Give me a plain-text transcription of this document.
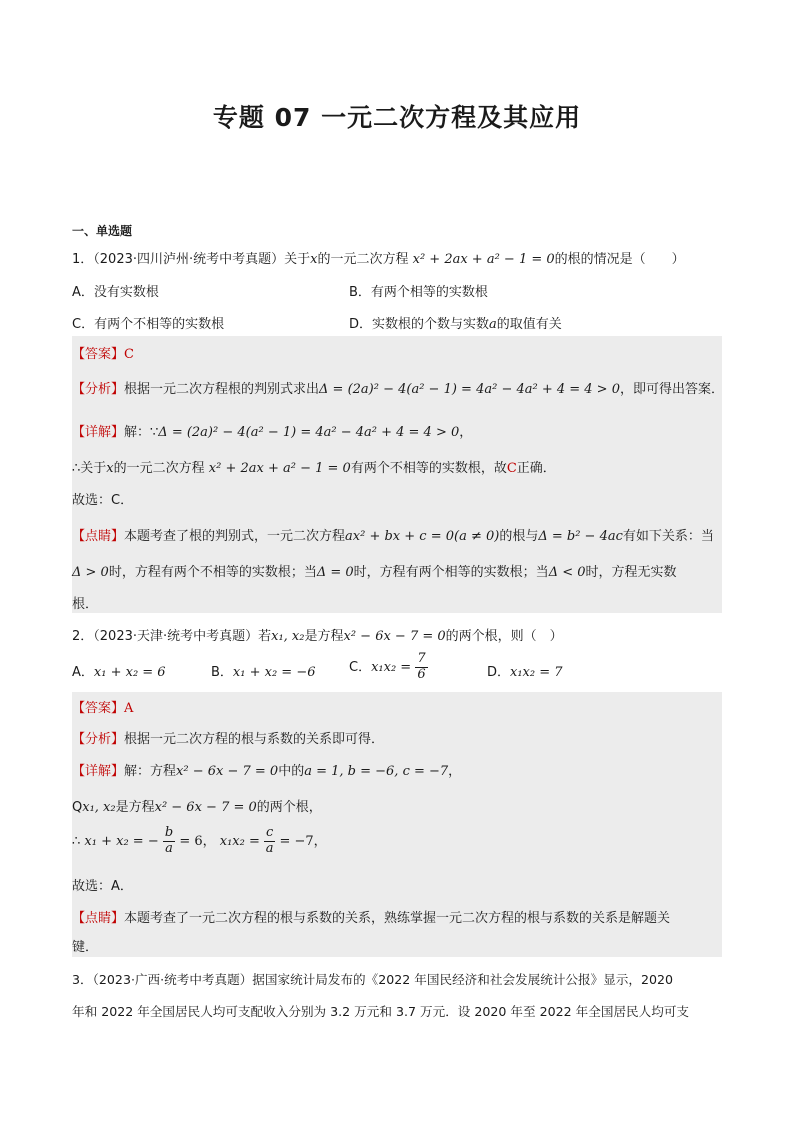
专题 07 一元二次方程及其应用
一、单选题
1．（2023·四川泸州·统考中考真题）关于x的一元二次方程 x² + 2ax + a² − 1 = 0的根的情况是（　　）
A．没有实数根	B．有两个相等的实数根
C．有两个不相等的实数根	D．实数根的个数与实数a的取值有关
【答案】C
【分析】根据一元二次方程根的判别式求出Δ = (2a)² − 4(a² − 1) = 4a² − 4a² + 4 = 4 > 0，即可得出答案．
【详解】解：∵Δ = (2a)² − 4(a² − 1) = 4a² − 4a² + 4 = 4 > 0，
∴关于x的一元二次方程 x² + 2ax + a² − 1 = 0有两个不相等的实数根，故C正确．
故选：C．
【点睛】本题考查了根的判别式，一元二次方程ax² + bx + c = 0(a ≠ 0)的根与Δ = b² − 4ac有如下关系：当
Δ > 0时，方程有两个不相等的实数根；当Δ = 0时，方程有两个相等的实数根；当Δ < 0时，方程无实数
根．
2．（2023·天津·统考中考真题）若x₁, x₂是方程x² − 6x − 7 = 0的两个根，则（　）
A．x₁ + x₂ = 6	B．x₁ + x₂ = −6	C．$x_1x_2 = \frac{7}{6}$	D．x₁x₂ = 7
【答案】A
【分析】根据一元二次方程的根与系数的关系即可得．
【详解】解：方程x² − 6x − 7 = 0中的a = 1, b = −6, c = −7，
Qx₁, x₂是方程x² − 6x − 7 = 0的两个根，
∴ x₁ + x₂ = − $\frac{b}{a} = 6$， $x_1x_2 = \frac{c}{a} = -7$，
故选：A．
【点睛】本题考查了一元二次方程的根与系数的关系，熟练掌握一元二次方程的根与系数的关系是解题关
键．
3．（2023·广西·统考中考真题）据国家统计局发布的《2022 年国民经济和社会发展统计公报》显示，2020
年和 2022 年全国居民人均可支配收入分别为 3.2 万元和 3.7 万元．设 2020 年至 2022 年全国居民人均可支
